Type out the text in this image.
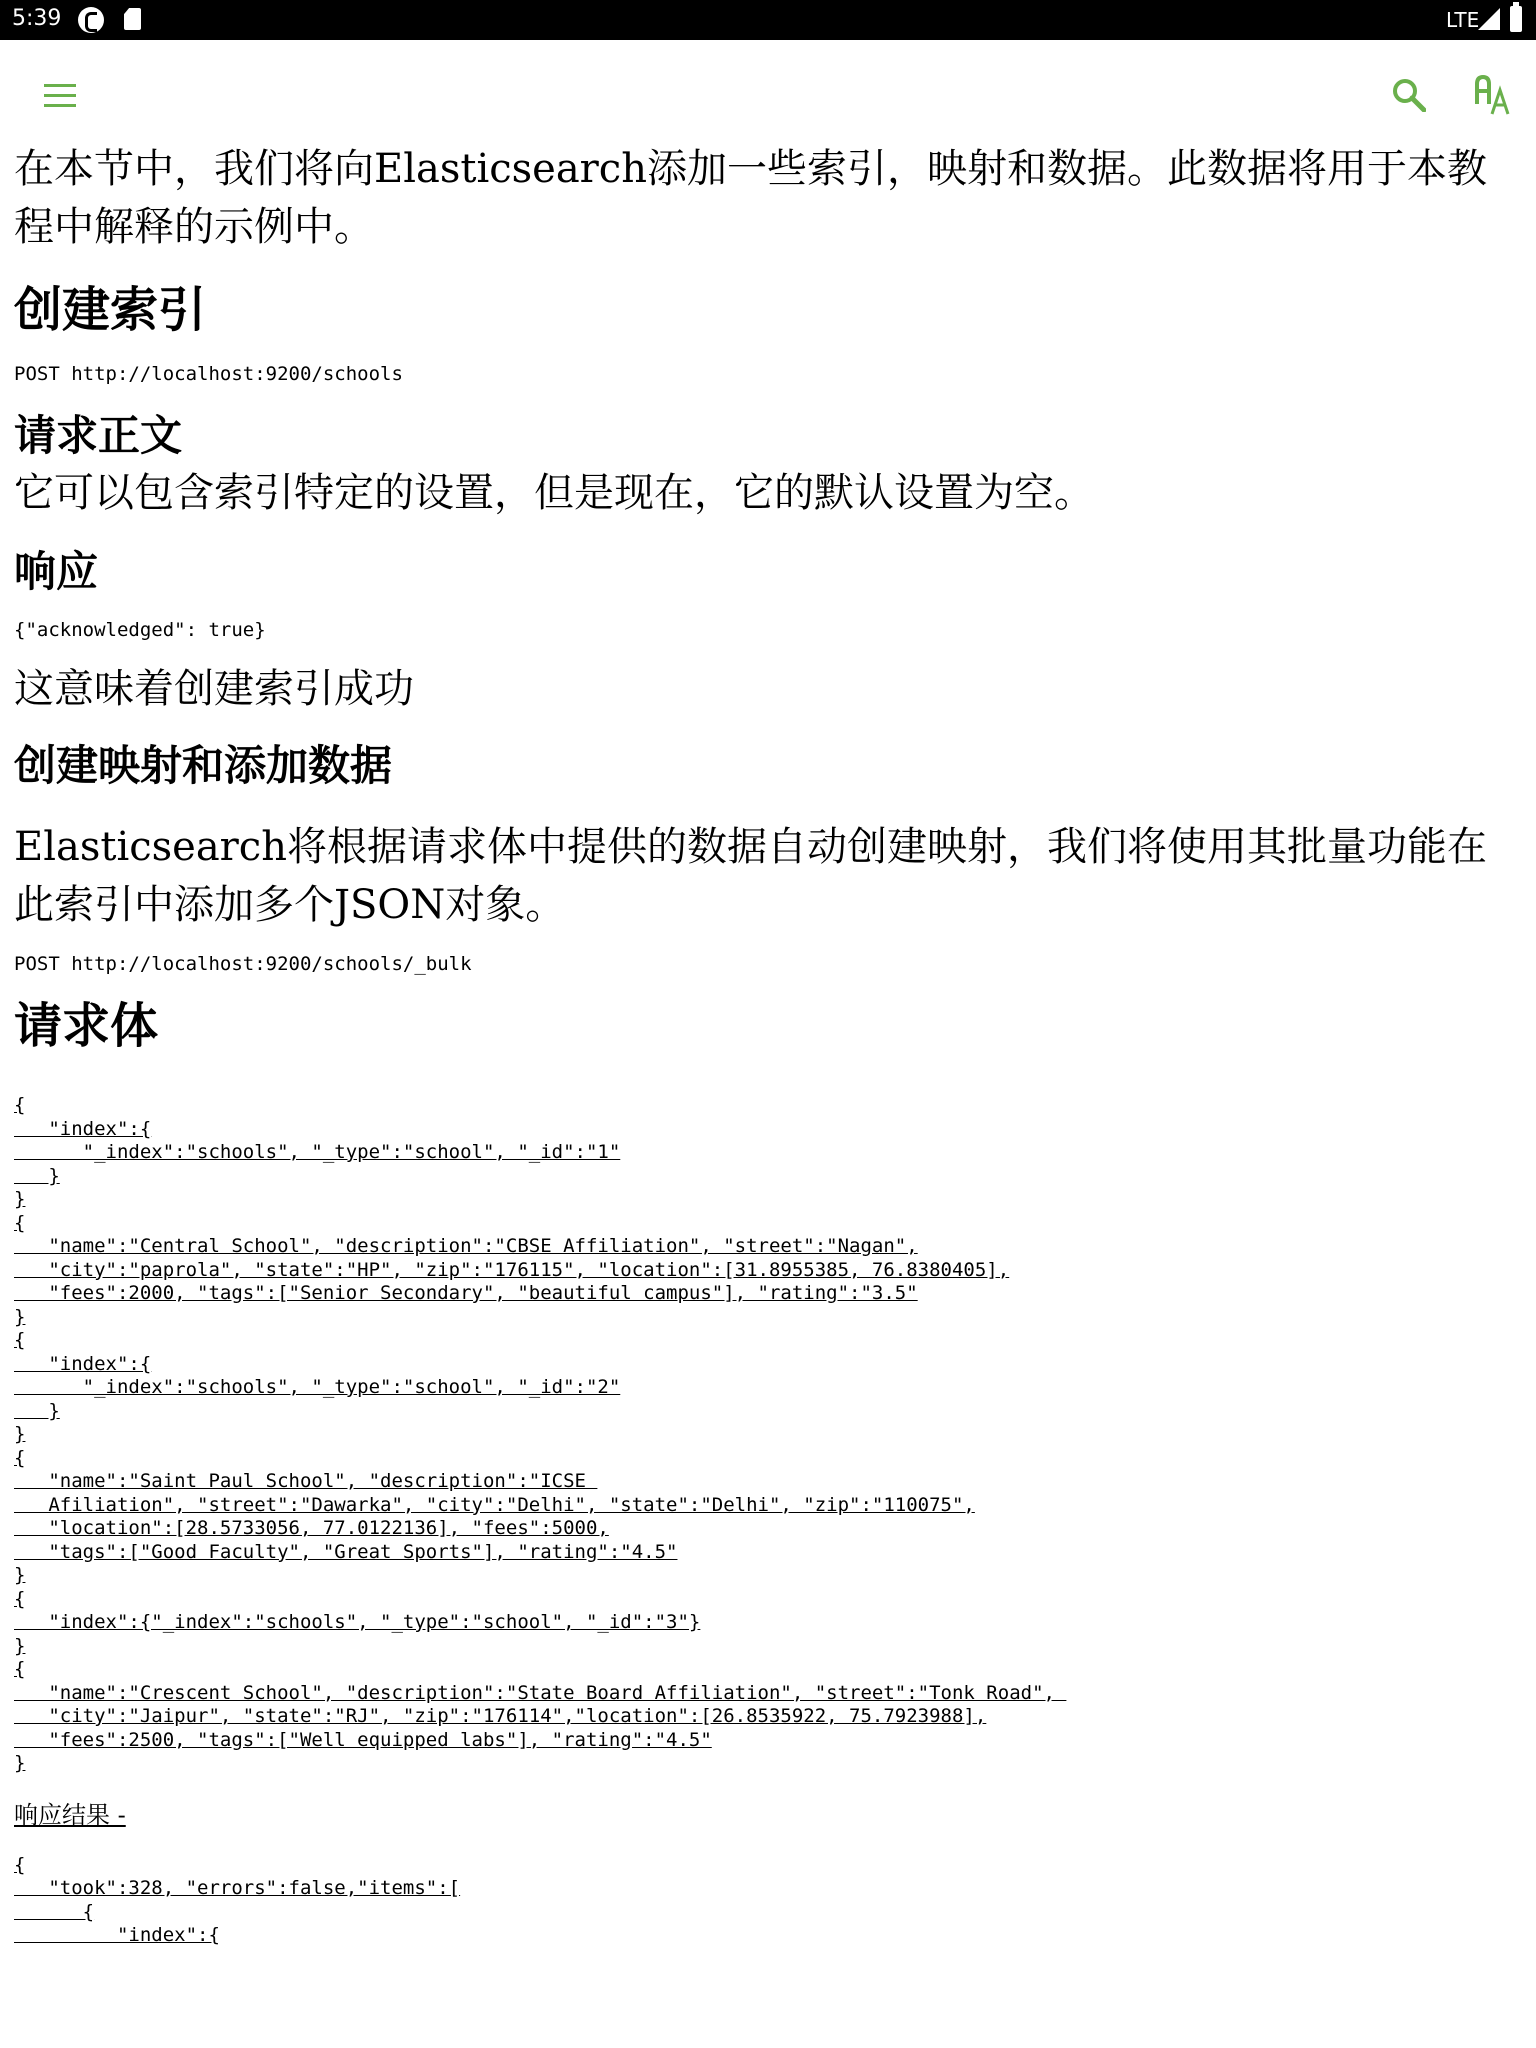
5:39	LTE

在本节中，我们将向Elasticsearch添加一些索引，映射和数据。此数据将用于本教程中解释的示例中。

创建索引

POST http://localhost:9200/schools

请求正文

它可以包含索引特定的设置，但是现在，它的默认设置为空。

响应

{"acknowledged": true}

这意味着创建索引成功

创建映射和添加数据

Elasticsearch将根据请求体中提供的数据自动创建映射，我们将使用其批量功能在此索引中添加多个JSON对象。

POST http://localhost:9200/schools/_bulk

请求体
{
"index":{
"_index":"schools", "_type":"school", "_id":"1"
}
}
{
"name":"Central School", "description":"CBSE Affiliation", "street":"Nagan",
"city":"paprola", "state":"HP", "zip":"176115", "location":[31.8955385, 76.8380405],
"fees":2000, "tags":["Senior Secondary", "beautiful campus"], "rating":"3.5"
}
{
"index":{
"_index":"schools", "_type":"school", "_id":"2"
}
}
{
"name":"Saint Paul School", "description":"ICSE
Afiliation", "street":"Dawarka", "city":"Delhi", "state":"Delhi", "zip":"110075",
"location":[28.5733056, 77.0122136], "fees":5000,
"tags":["Good Faculty", "Great Sports"], "rating":"4.5"
}
{
"index":{"_index":"schools", "_type":"school", "_id":"3"}
}
{
"name":"Crescent School", "description":"State Board Affiliation", "street":"Tonk Road",
"city":"Jaipur", "state":"RJ", "zip":"176114","location":[26.8535922, 75.7923988],
"fees":2500, "tags":["Well equipped labs"], "rating":"4.5"
}

响应结果 -

{
"took":328, "errors":false,"items":[
{
"index":{
